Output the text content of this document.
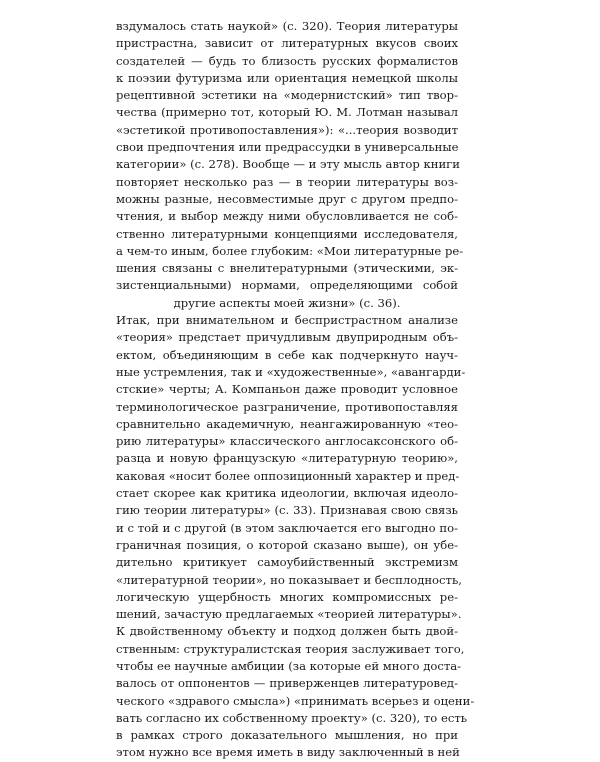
вздумалось стать наукой» (с. 320). Теория литературы
пристрастна, зависит от литературных вкусов своих
создателей — будь то близость русских формалистов
к поэзии футуризма или ориентация немецкой школы
рецептивной эстетики на «модернистский» тип твор-
чества (примерно тот, который Ю. М. Лотман называл
«эстетикой противопоставления»): «...теория возводит
свои предпочтения или предрассудки в универсальные
категории» (с. 278). Вообще — и эту мысль автор книги
повторяет несколько раз — в теории литературы воз-
можны разные, несовместимые друг с другом предпо-
чтения, и выбор между ними обусловливается не соб-
ственно литературными концепциями исследователя,
а чем-то иным, более глубоким: «Мои литературные ре-
шения связаны с внелитературными (этическими, эк-
зистенциальными) нормами, определяющими собой
другие аспекты моей жизни» (с. 36).
Итак, при внимательном и беспристрастном анализе
«теория» предстает причудливым двуприродным объ-
ектом, объединяющим в себе как подчеркнуто науч-
ные устремления, так и «художественные», «авангарди-
стские» черты; А. Компаньон даже проводит условное
терминологическое разграничение, противопоставляя
сравнительно академичную, неангажированную «тео-
рию литературы» классического англосаксонского об-
разца и новую французскую «литературную теорию»,
каковая «носит более оппозиционный характер и пред-
стает скорее как критика идеологии, включая идеоло-
гию теории литературы» (с. 33). Признавая свою связь
и с той и с другой (в этом заключается его выгодно по-
граничная позиция, о которой сказано выше), он убе-
дительно критикует самоубийственный экстремизм
«литературной теории», но показывает и бесплодность,
логическую ущербность многих компромиссных ре-
шений, зачастую предлагаемых «теорией литературы».
К двойственному объекту и подход должен быть двой-
ственным: структуралистская теория заслуживает того,
чтобы ее научные амбиции (за которые ей много доста-
валось от оппонентов — приверженцев литературовед-
ческого «здравого смысла») «принимать всерьез и оцени-
вать согласно их собственному проекту» (с. 320), то есть
в рамках строго доказательного мышления, но при
этом нужно все время иметь в виду заключенный в ней
